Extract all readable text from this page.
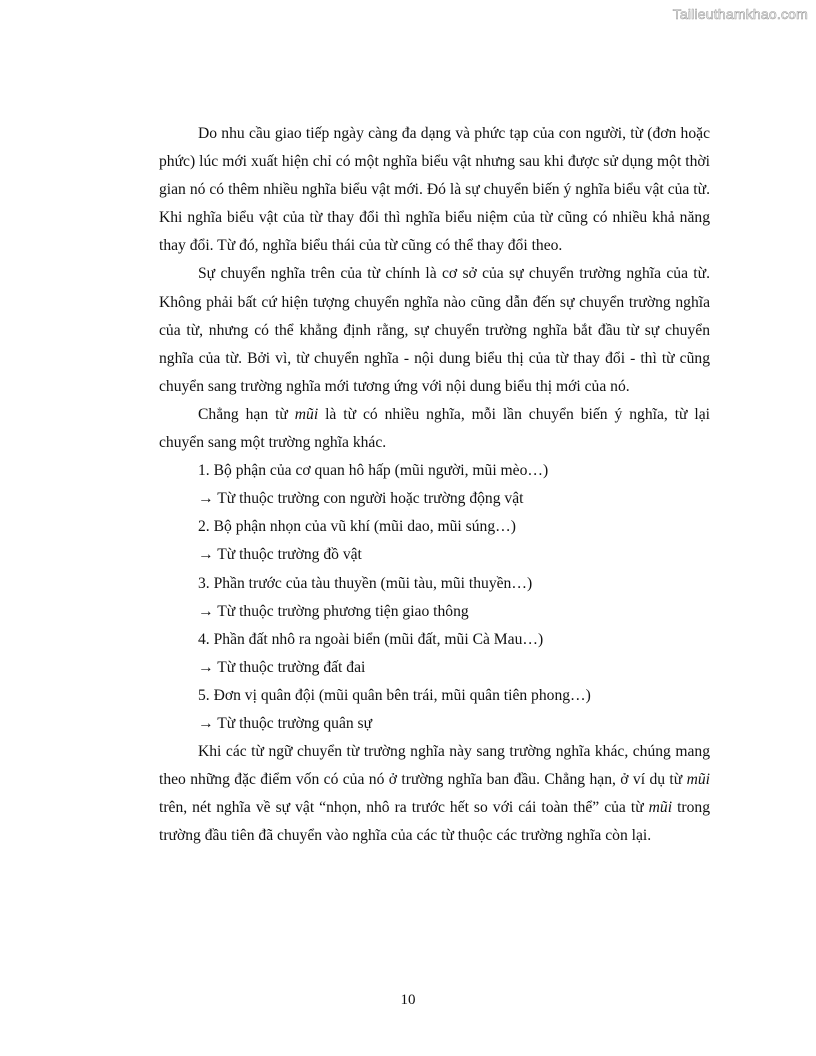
Tailieuthamkhao.com

Do nhu cầu giao tiếp ngày càng đa dạng và phức tạp của con người, từ (đơn hoặc phức) lúc mới xuất hiện chỉ có một nghĩa biểu vật nhưng sau khi được sử dụng một thời gian nó có thêm nhiều nghĩa biểu vật mới. Đó là sự chuyển biến ý nghĩa biểu vật của từ. Khi nghĩa biểu vật của từ thay đổi thì nghĩa biểu niệm của từ cũng có nhiều khả năng thay đổi. Từ đó, nghĩa biểu thái của từ cũng có thể thay đổi theo.

Sự chuyển nghĩa trên của từ chính là cơ sở của sự chuyển trường nghĩa của từ. Không phải bất cứ hiện tượng chuyển nghĩa nào cũng dẫn đến sự chuyển trường nghĩa của từ, nhưng có thể khẳng định rằng, sự chuyển trường nghĩa bắt đầu từ sự chuyển nghĩa của từ. Bởi vì, từ chuyển nghĩa - nội dung biểu thị của từ thay đổi - thì từ cũng chuyển sang trường nghĩa mới tương ứng với nội dung biểu thị mới của nó.

Chẳng hạn từ mũi là từ có nhiều nghĩa, mỗi lần chuyển biến ý nghĩa, từ lại chuyển sang một trường nghĩa khác.

1. Bộ phận của cơ quan hô hấp (mũi người, mũi mèo…)

→ Từ thuộc trường con người hoặc trường động vật

2. Bộ phận nhọn của vũ khí (mũi dao, mũi súng…)

→ Từ thuộc trường đồ vật

3. Phần trước của tàu thuyền (mũi tàu, mũi thuyền…)

→ Từ thuộc trường phương tiện giao thông

4. Phần đất nhô ra ngoài biển (mũi đất, mũi Cà Mau…)

→ Từ thuộc trường đất đai

5. Đơn vị quân đội (mũi quân bên trái, mũi quân tiên phong…)

→ Từ thuộc trường quân sự

Khi các từ ngữ chuyển từ trường nghĩa này sang trường nghĩa khác, chúng mang theo những đặc điểm vốn có của nó ở trường nghĩa ban đầu. Chẳng hạn, ở ví dụ từ mũi trên, nét nghĩa về sự vật “nhọn, nhô ra trước hết so với cái toàn thể” của từ mũi trong trường đầu tiên đã chuyển vào nghĩa của các từ thuộc các trường nghĩa còn lại.

10
